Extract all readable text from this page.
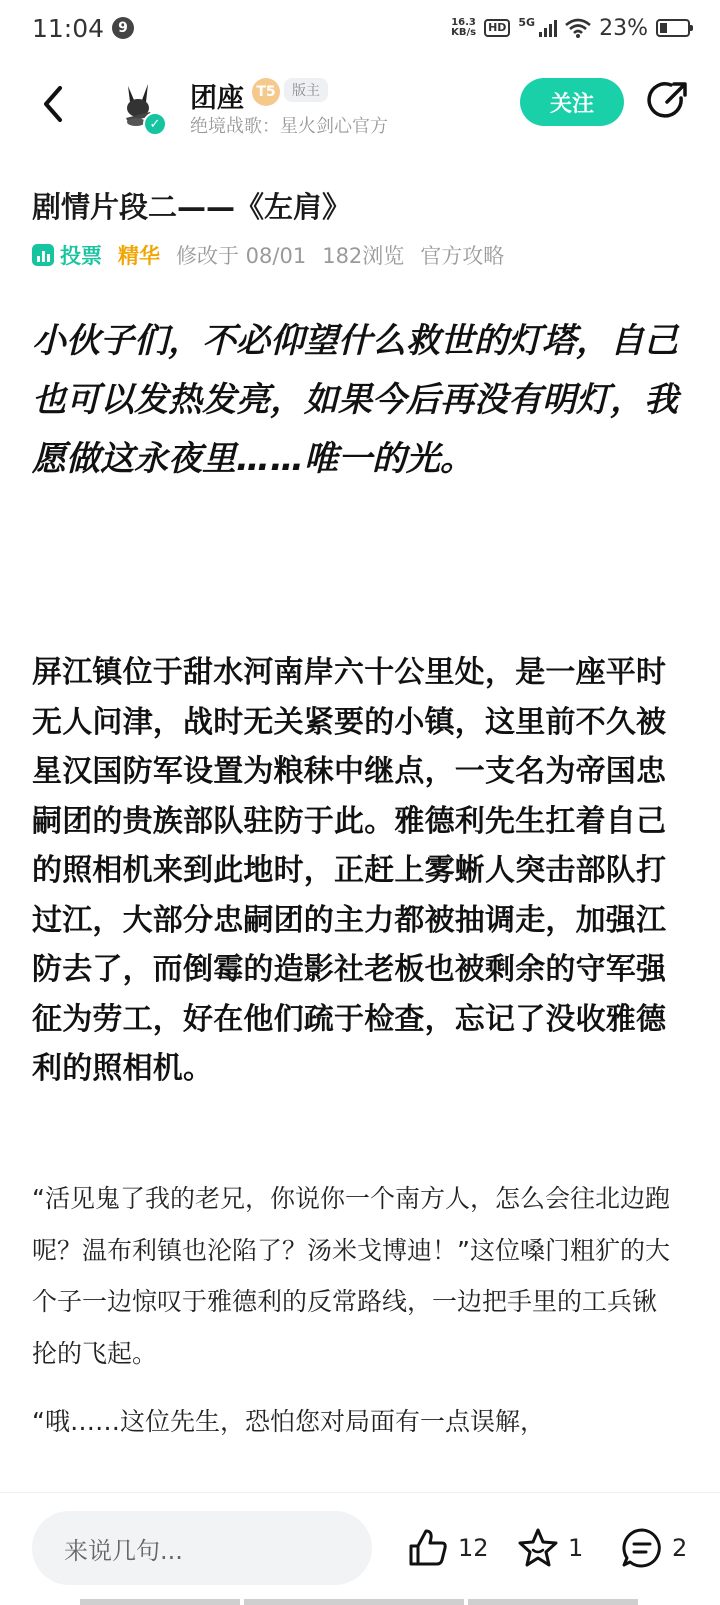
11:04	9	16.3
KB/s	HD	5G	23%
✓
团座 T5	版主
绝境战歌：星火剑心官方
关注
剧情片段二——《左肩》
投票 精华 修改于 08/01 182浏览 官方攻略
小伙子们，不必仰望什么救世的灯塔，自己也可以发热发亮，如果今后再没有明灯，我愿做这永夜里……唯一的光。
屏江镇位于甜水河南岸六十公里处，是一座平时无人问津，战时无关紧要的小镇，这里前不久被星汉国防军设置为粮秣中继点，一支名为帝国忠嗣团的贵族部队驻防于此。雅德利先生扛着自己的照相机来到此地时，正赶上雾蜥人突击部队打过江，大部分忠嗣团的主力都被抽调走，加强江防去了，而倒霉的造影社老板也被剩余的守军强征为劳工，好在他们疏于检查，忘记了没收雅德利的照相机。
“活见鬼了我的老兄，你说你一个南方人，怎么会往北边跑呢？温布利镇也沦陷了？汤米戈博迪！”这位嗓门粗犷的大个子一边惊叹于雅德利的反常路线，一边把手里的工兵锹抡的飞起。
“哦……这位先生，恐怕您对局面有一点误解，
来说几句...	12	1	2
